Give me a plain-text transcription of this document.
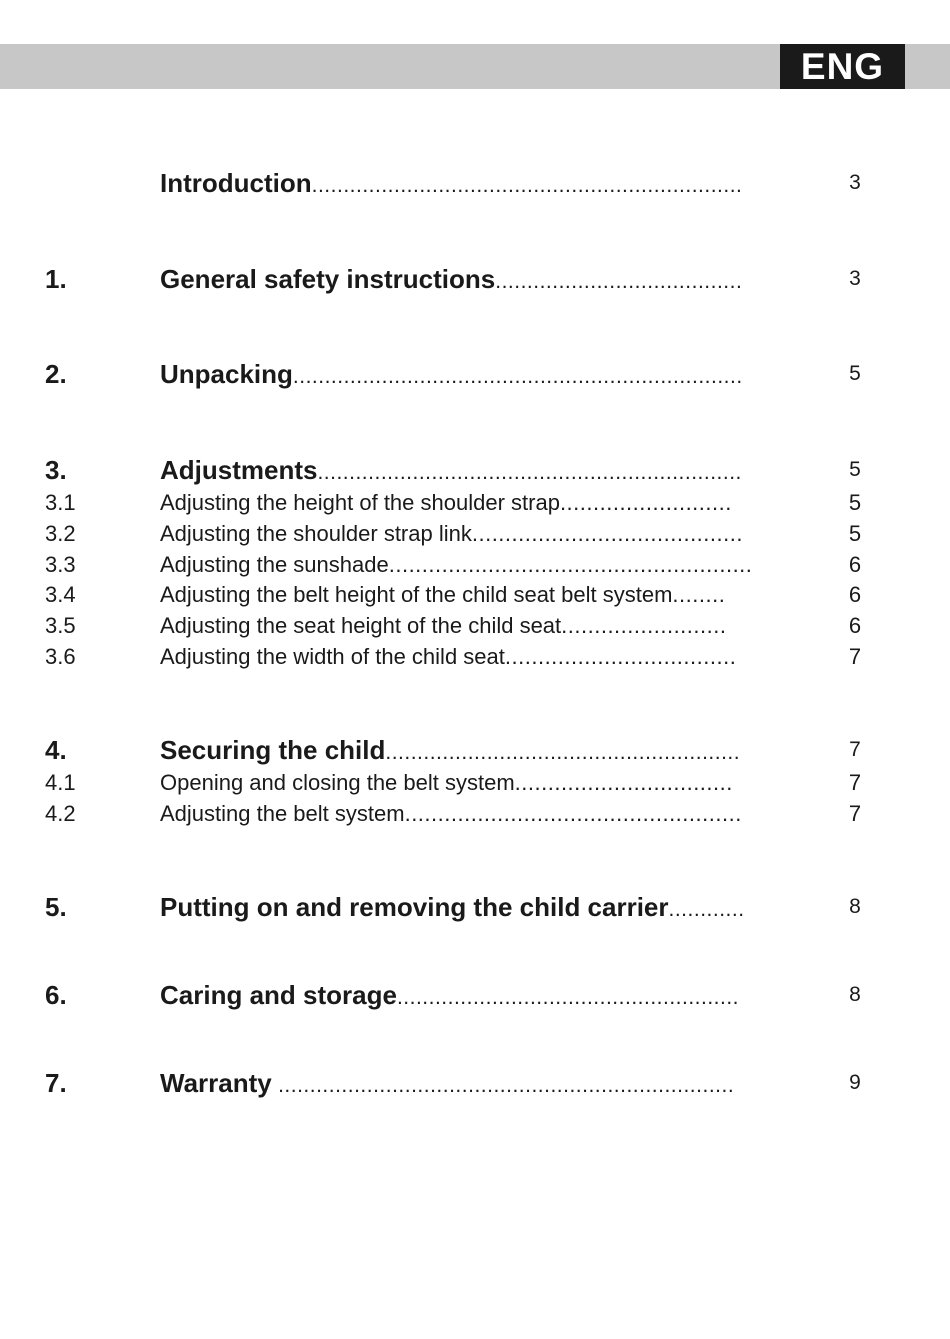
ENG
Introduction....................................................................	3
1.	General safety instructions.......................................	3
2.	Unpacking.......................................................................	5
3.	Adjustments...................................................................	5
3.1	Adjusting the height of the shoulder strap..........................	5
3.2	Adjusting the shoulder strap link.........................................	5
3.3	Adjusting the sunshade.......................................................	6
3.4	Adjusting the belt height of the child seat belt system........	6
3.5	Adjusting the seat height of the child seat.........................	6
3.6	Adjusting the width of the child seat...................................	7
4.	Securing the child........................................................	7
4.1	Opening and closing the belt system.................................	7
4.2	Adjusting the belt system...................................................	7
5.	Putting on and removing the child carrier............	8
6.	Caring and storage......................................................	8
7.	Warranty ........................................................................	9
